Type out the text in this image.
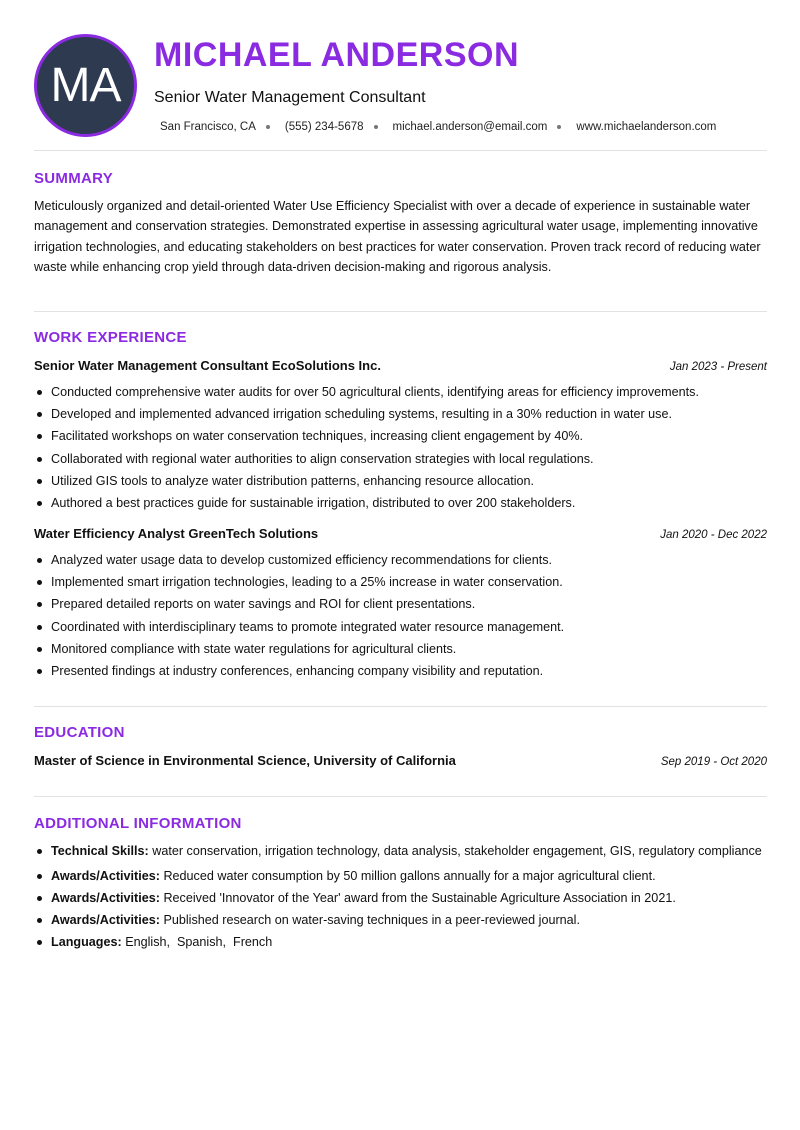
MA
MICHAEL ANDERSON
Senior Water Management Consultant
San Francisco, CA	(555) 234-5678	michael.anderson@email.com	www.michaelanderson.com
SUMMARY
Meticulously organized and detail-oriented Water Use Efficiency Specialist with over a decade of experience in sustainable water management and conservation strategies. Demonstrated expertise in assessing agricultural water usage, implementing innovative irrigation technologies, and educating stakeholders on best practices for water conservation. Proven track record of reducing water waste while enhancing crop yield through data-driven decision-making and rigorous analysis.
WORK EXPERIENCE
Senior Water Management Consultant EcoSolutions Inc.	Jan 2023 - Present
Conducted comprehensive water audits for over 50 agricultural clients, identifying areas for efficiency improvements.
Developed and implemented advanced irrigation scheduling systems, resulting in a 30% reduction in water use.
Facilitated workshops on water conservation techniques, increasing client engagement by 40%.
Collaborated with regional water authorities to align conservation strategies with local regulations.
Utilized GIS tools to analyze water distribution patterns, enhancing resource allocation.
Authored a best practices guide for sustainable irrigation, distributed to over 200 stakeholders.
Water Efficiency Analyst GreenTech Solutions	Jan 2020 - Dec 2022
Analyzed water usage data to develop customized efficiency recommendations for clients.
Implemented smart irrigation technologies, leading to a 25% increase in water conservation.
Prepared detailed reports on water savings and ROI for client presentations.
Coordinated with interdisciplinary teams to promote integrated water resource management.
Monitored compliance with state water regulations for agricultural clients.
Presented findings at industry conferences, enhancing company visibility and reputation.
EDUCATION
Master of Science in Environmental Science, University of California	Sep 2019 - Oct 2020
ADDITIONAL INFORMATION
Technical Skills: water conservation, irrigation technology, data analysis, stakeholder engagement, GIS, regulatory compliance
Awards/Activities: Reduced water consumption by 50 million gallons annually for a major agricultural client.
Awards/Activities: Received 'Innovator of the Year' award from the Sustainable Agriculture Association in 2021.
Awards/Activities: Published research on water-saving techniques in a peer-reviewed journal.
Languages: English,  Spanish,  French
